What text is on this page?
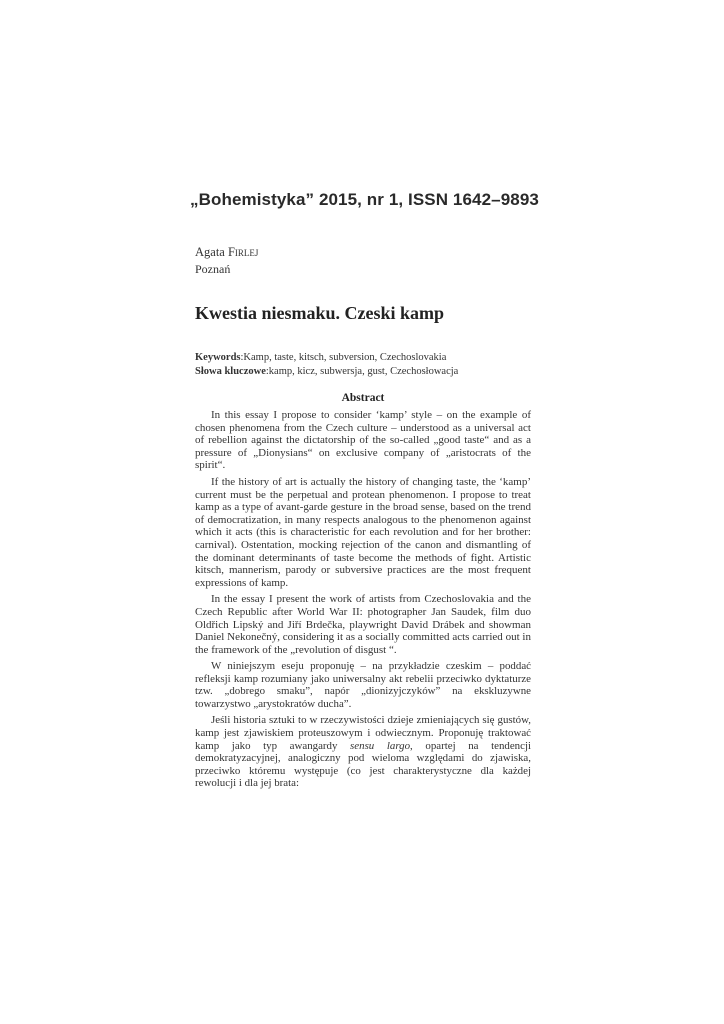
„Bohemistyka” 2015, nr 1, ISSN 1642–9893
Agata Firlej
Poznań
Kwestia niesmaku. Czeski kamp
Keywords:Kamp, taste, kitsch, subversion, Czechoslovakia
Słowa kluczowe:kamp, kicz, subwersja, gust, Czechosłowacja
Abstract

In this essay I propose to consider ‘kamp’ style – on the example of chosen phenomena from the Czech culture – understood as a universal act of rebellion against the dictatorship of the so-called „good taste“ and as a pressure of „Dionysians“ on exclusive company of „aristocrats of the spirit“.

If the history of art is actually the history of changing taste, the ‘kamp’ current must be the perpetual and protean phenomenon. I propose to treat kamp as a type of avant-garde gesture in the broad sense, based on the trend of democratization, in many respects analogous to the phenomenon against which it acts (this is characteristic for each revolution and for her brother: carnival). Ostentation, mocking rejection of the canon and dismantling of the dominant determinants of taste become the methods of fight. Artistic kitsch, mannerism, parody or subversive practices are the most frequent expressions of kamp.

In the essay I present the work of artists from Czechoslovakia and the Czech Republic after World War II: photographer Jan Saudek, film duo Oldřich Lipský and Jiří Brdečka, playwright David Drábek and showman Daniel Nekonečný, considering it as a socially committed acts carried out in the framework of the „revolution of disgust “.

W niniejszym eseju proponuję – na przykładzie czeskim – poddać refleksji kamp rozumiany jako uniwersalny akt rebelii przeciwko dyktaturze tzw. „dobrego smaku”, napór „dionizyjczyków” na ekskluzywne towarzystwo „arystokratów ducha”.

Jeśli historia sztuki to w rzeczywistości dzieje zmieniających się gustów, kamp jest zjawiskiem proteuszowym i odwiecznym. Proponuję traktować kamp jako typ awangardy sensu largo, opartej na tendencji demokratyzacyjnej, analogiczny pod wieloma względami do zjawiska, przeciwko któremu występuje (co jest charakterystyczne dla każdej rewolucji i dla jej brata:
